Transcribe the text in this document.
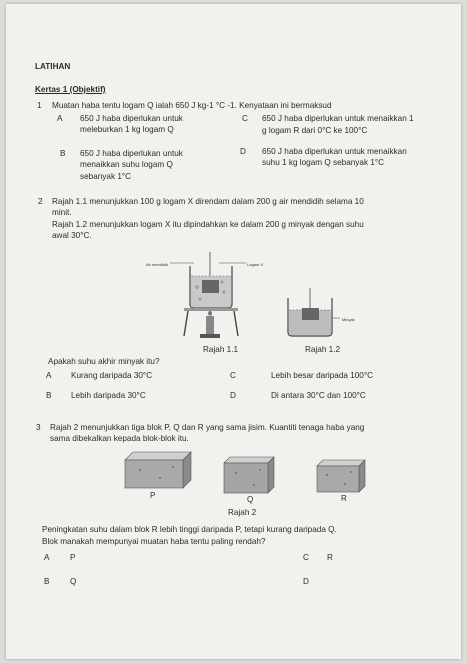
LATIHAN
Kertas 1 (Objektif)
1 Muatan haba tentu logam Q ialah 650 J kg-1 °C -1. Kenyataan ini bermaksud
A 650 J haba diperlukan untuk
meleburkan 1 kg logam Q
C 650 J haba diperlukan untuk menaikkan 1
g logam R dari 0°C ke 100°C
B 650 J haba diperlukan untuk
menaikkan suhu logam Q
sebanyak 1°C
D 650 J haba diperlukan untuk menaikkan
suhu 1 kg logam Q sebanyak 1°C
2 Rajah 1.1 menunjukkan 100 g logam X direndam dalam 200 g air mendidih selama 10
minit.
Rajah 1.2 menunjukkan logam X itu dipindahkan ke dalam 200 g minyak dengan suhu
awal 30°C.
Air mendidih	Logam X
Rajah 1.1
Minyak
Rajah 1.2
Apakah suhu akhir minyak itu?
A Kurang daripada 30°C	C	Lebih besar daripada 100°C
B Lebih daripada 30°C	D	Di antara 30°C dan 100°C
3 Rajah 2 menunjukkan tiga blok P, Q dan R yang sama jisim. Kuantiti tenaga haba yang
sama dibekalkan kepada blok-blok itu.
P	Q	R
Rajah 2
Peningkatan suhu dalam blok R lebih tinggi daripada P, tetapi kurang daripada Q.
Blok manakah mempunyai muatan haba tentu paling rendah?
A	P	C R
B	Q	D
